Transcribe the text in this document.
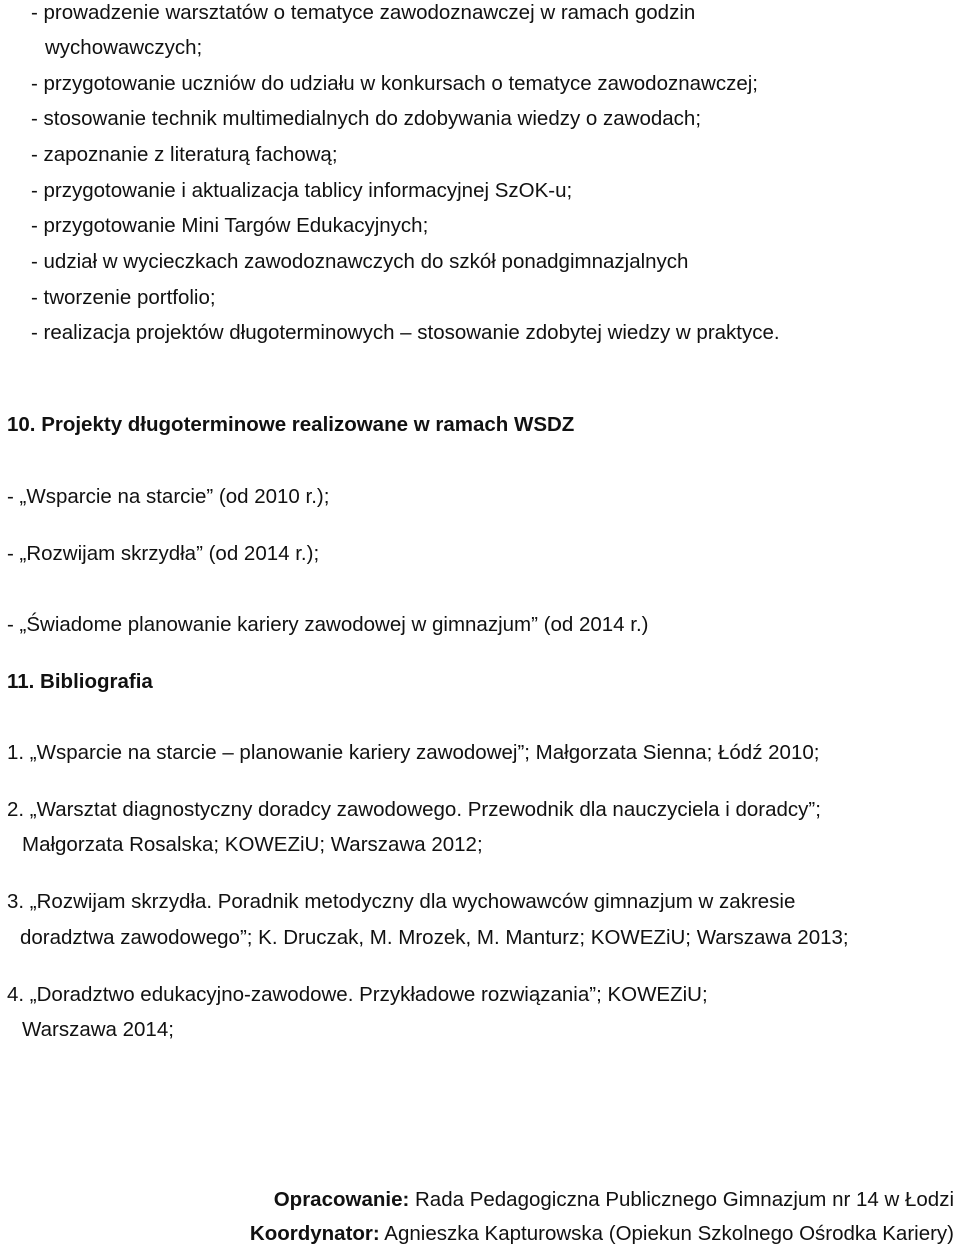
- prowadzenie warsztatów o tematyce zawodoznawczej w ramach godzin
wychowawczych;
- przygotowanie uczniów do udziału w konkursach o tematyce zawodoznawczej;
- stosowanie technik multimedialnych do zdobywania wiedzy o zawodach;
- zapoznanie z literaturą fachową;
- przygotowanie i aktualizacja tablicy informacyjnej SzOK-u;
- przygotowanie Mini Targów Edukacyjnych;
- udział w wycieczkach zawodoznawczych do szkół ponadgimnazjalnych
- tworzenie portfolio;
- realizacja projektów długoterminowych – stosowanie zdobytej wiedzy w praktyce.
10. Projekty długoterminowe realizowane w ramach WSDZ
- „Wsparcie na starcie” (od 2010 r.);
- „Rozwijam skrzydła” (od 2014 r.);
- „Świadome planowanie kariery zawodowej w gimnazjum” (od 2014 r.)
11. Bibliografia
1. „Wsparcie na starcie – planowanie kariery zawodowej”; Małgorzata Sienna; Łódź 2010;
2. „Warsztat diagnostyczny doradcy zawodowego. Przewodnik dla nauczyciela i doradcy”;
Małgorzata Rosalska; KOWEZiU; Warszawa 2012;
3. „Rozwijam skrzydła. Poradnik metodyczny dla wychowawców gimnazjum w zakresie
doradztwa zawodowego”; K. Druczak, M. Mrozek, M. Manturz; KOWEZiU; Warszawa 2013;
4. „Doradztwo edukacyjno-zawodowe. Przykładowe rozwiązania”; KOWEZiU;
Warszawa 2014;
Opracowanie: Rada Pedagogiczna Publicznego Gimnazjum nr 14 w Łodzi
Koordynator: Agnieszka Kapturowska (Opiekun Szkolnego Ośrodka Kariery)
